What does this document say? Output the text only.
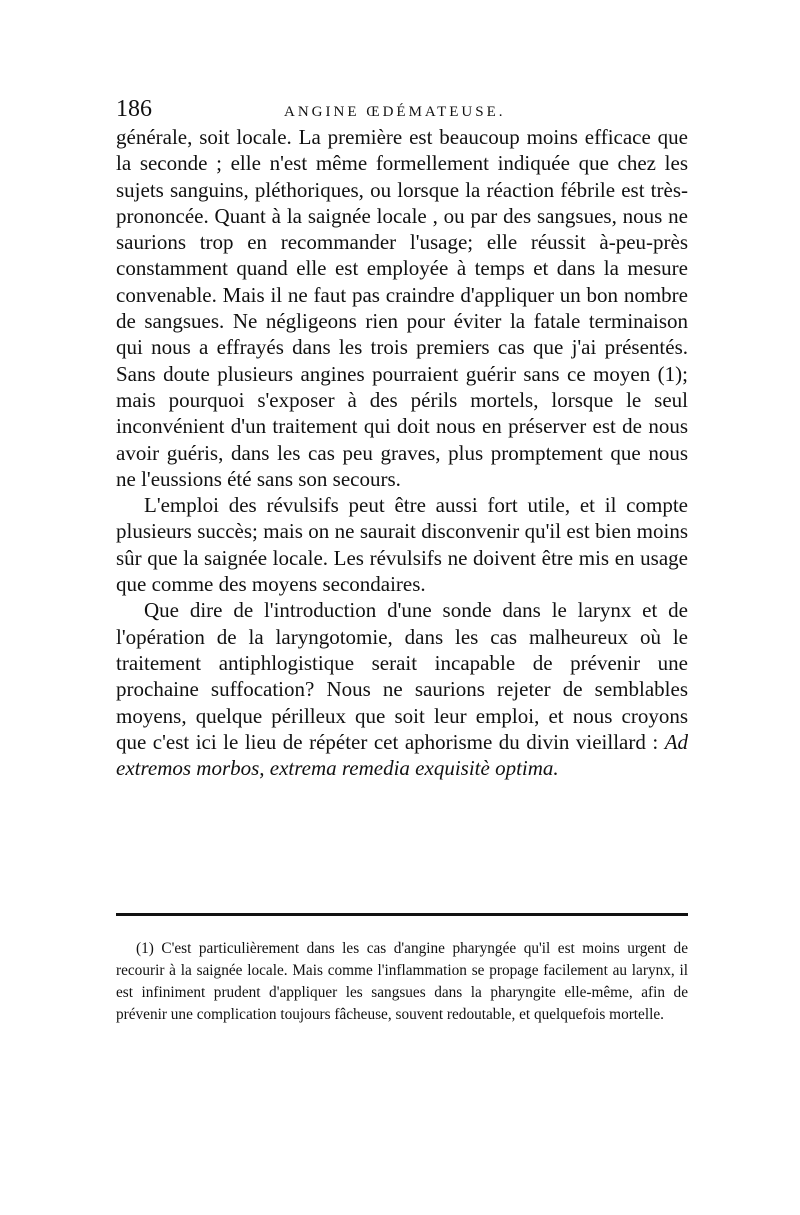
186	ANGINE ŒDÉMATEUSE.

générale, soit locale. La première est beaucoup moins efficace que la seconde ; elle n'est même formellement indiquée que chez les sujets sanguins, pléthoriques, ou lorsque la réaction fébrile est très-prononcée. Quant à la saignée locale , ou par des sangsues, nous ne saurions trop en recommander l'usage; elle réussit à-peu-près constamment quand elle est employée à temps et dans la mesure convenable. Mais il ne faut pas craindre d'appliquer un bon nombre de sangsues. Ne négligeons rien pour éviter la fatale terminaison qui nous a effrayés dans les trois premiers cas que j'ai présentés. Sans doute plusieurs angines pourraient guérir sans ce moyen (1); mais pourquoi s'exposer à des périls mortels, lorsque le seul inconvénient d'un traitement qui doit nous en préserver est de nous avoir guéris, dans les cas peu graves, plus promptement que nous ne l'eussions été sans son secours.

L'emploi des révulsifs peut être aussi fort utile, et il compte plusieurs succès; mais on ne saurait disconvenir qu'il est bien moins sûr que la saignée locale. Les révulsifs ne doivent être mis en usage que comme des moyens secondaires.

Que dire de l'introduction d'une sonde dans le larynx et de l'opération de la laryngotomie, dans les cas malheureux où le traitement antiphlogistique serait incapable de prévenir une prochaine suffocation? Nous ne saurions rejeter de semblables moyens, quelque périlleux que soit leur emploi, et nous croyons que c'est ici le lieu de répéter cet aphorisme du divin vieillard : Ad extremos morbos, extrema remedia exquisitè optima.

(1) C'est particulièrement dans les cas d'angine pharyngée qu'il est moins urgent de recourir à la saignée locale. Mais comme l'inflammation se propage facilement au larynx, il est infiniment prudent d'appliquer les sangsues dans la pharyngite elle-même, afin de prévenir une complication toujours fâcheuse, souvent redoutable, et quelquefois mortelle.
